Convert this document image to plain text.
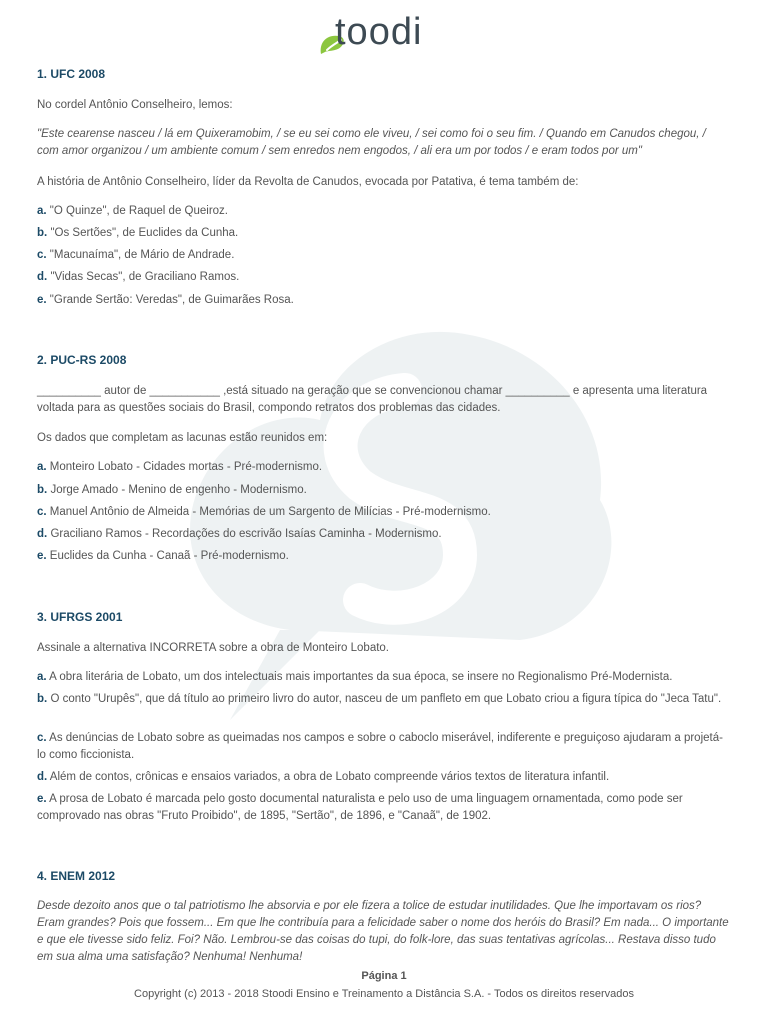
toodi
1. UFC 2008
No cordel Antônio Conselheiro, lemos:
"Este cearense nasceu / lá em Quixeramobim, / se eu sei como ele viveu, / sei como foi o seu fim. / Quando em Canudos chegou, / com amor organizou / um ambiente comum / sem enredos nem engodos, / ali era um por todos / e eram todos por um"
A história de Antônio Conselheiro, líder da Revolta de Canudos, evocada por Patativa, é tema também de:
a. "O Quinze", de Raquel de Queiroz.
b. "Os Sertões", de Euclides da Cunha.
c. "Macunaíma", de Mário de Andrade.
d. "Vidas Secas", de Graciliano Ramos.
e. "Grande Sertão: Veredas", de Guimarães Rosa.
2. PUC-RS 2008
__________ autor de ___________ ,está situado na geração que se convencionou chamar __________ e apresenta uma literatura voltada para as questões sociais do Brasil, compondo retratos dos problemas das cidades.
Os dados que completam as lacunas estão reunidos em:
a. Monteiro Lobato - Cidades mortas - Pré-modernismo.
b. Jorge Amado - Menino de engenho - Modernismo.
c. Manuel Antônio de Almeida - Memórias de um Sargento de Milícias - Pré-modernismo.
d. Graciliano Ramos - Recordações do escrivão Isaías Caminha - Modernismo.
e. Euclides da Cunha - Canaã - Pré-modernismo.
3. UFRGS 2001
Assinale a alternativa INCORRETA sobre a obra de Monteiro Lobato.
a. A obra literária de Lobato, um dos intelectuais mais importantes da sua época, se insere no Regionalismo Pré-Modernista.
b. O conto "Urupês", que dá título ao primeiro livro do autor, nasceu de um panfleto em que Lobato criou a figura típica do "Jeca Tatu".
c. As denúncias de Lobato sobre as queimadas nos campos e sobre o caboclo miserável, indiferente e preguiçoso ajudaram a projetá-lo como ficcionista.
d. Além de contos, crônicas e ensaios variados, a obra de Lobato compreende vários textos de literatura infantil.
e. A prosa de Lobato é marcada pelo gosto documental naturalista e pelo uso de uma linguagem ornamentada, como pode ser comprovado nas obras "Fruto Proibido", de 1895, "Sertão", de 1896, e "Canaã", de 1902.
4. ENEM 2012
Desde dezoito anos que o tal patriotismo lhe absorvia e por ele fizera a tolice de estudar inutilidades. Que lhe importavam os rios? Eram grandes? Pois que fossem... Em que lhe contribuía para a felicidade saber o nome dos heróis do Brasil? Em nada... O importante e que ele tivesse sido feliz. Foi? Não. Lembrou-se das coisas do tupi, do folk-lore, das suas tentativas agrícolas... Restava disso tudo em sua alma uma satisfação? Nenhuma! Nenhuma!
Página 1
Copyright (c) 2013 - 2018 Stoodi Ensino e Treinamento a Distância S.A. - Todos os direitos reservados
